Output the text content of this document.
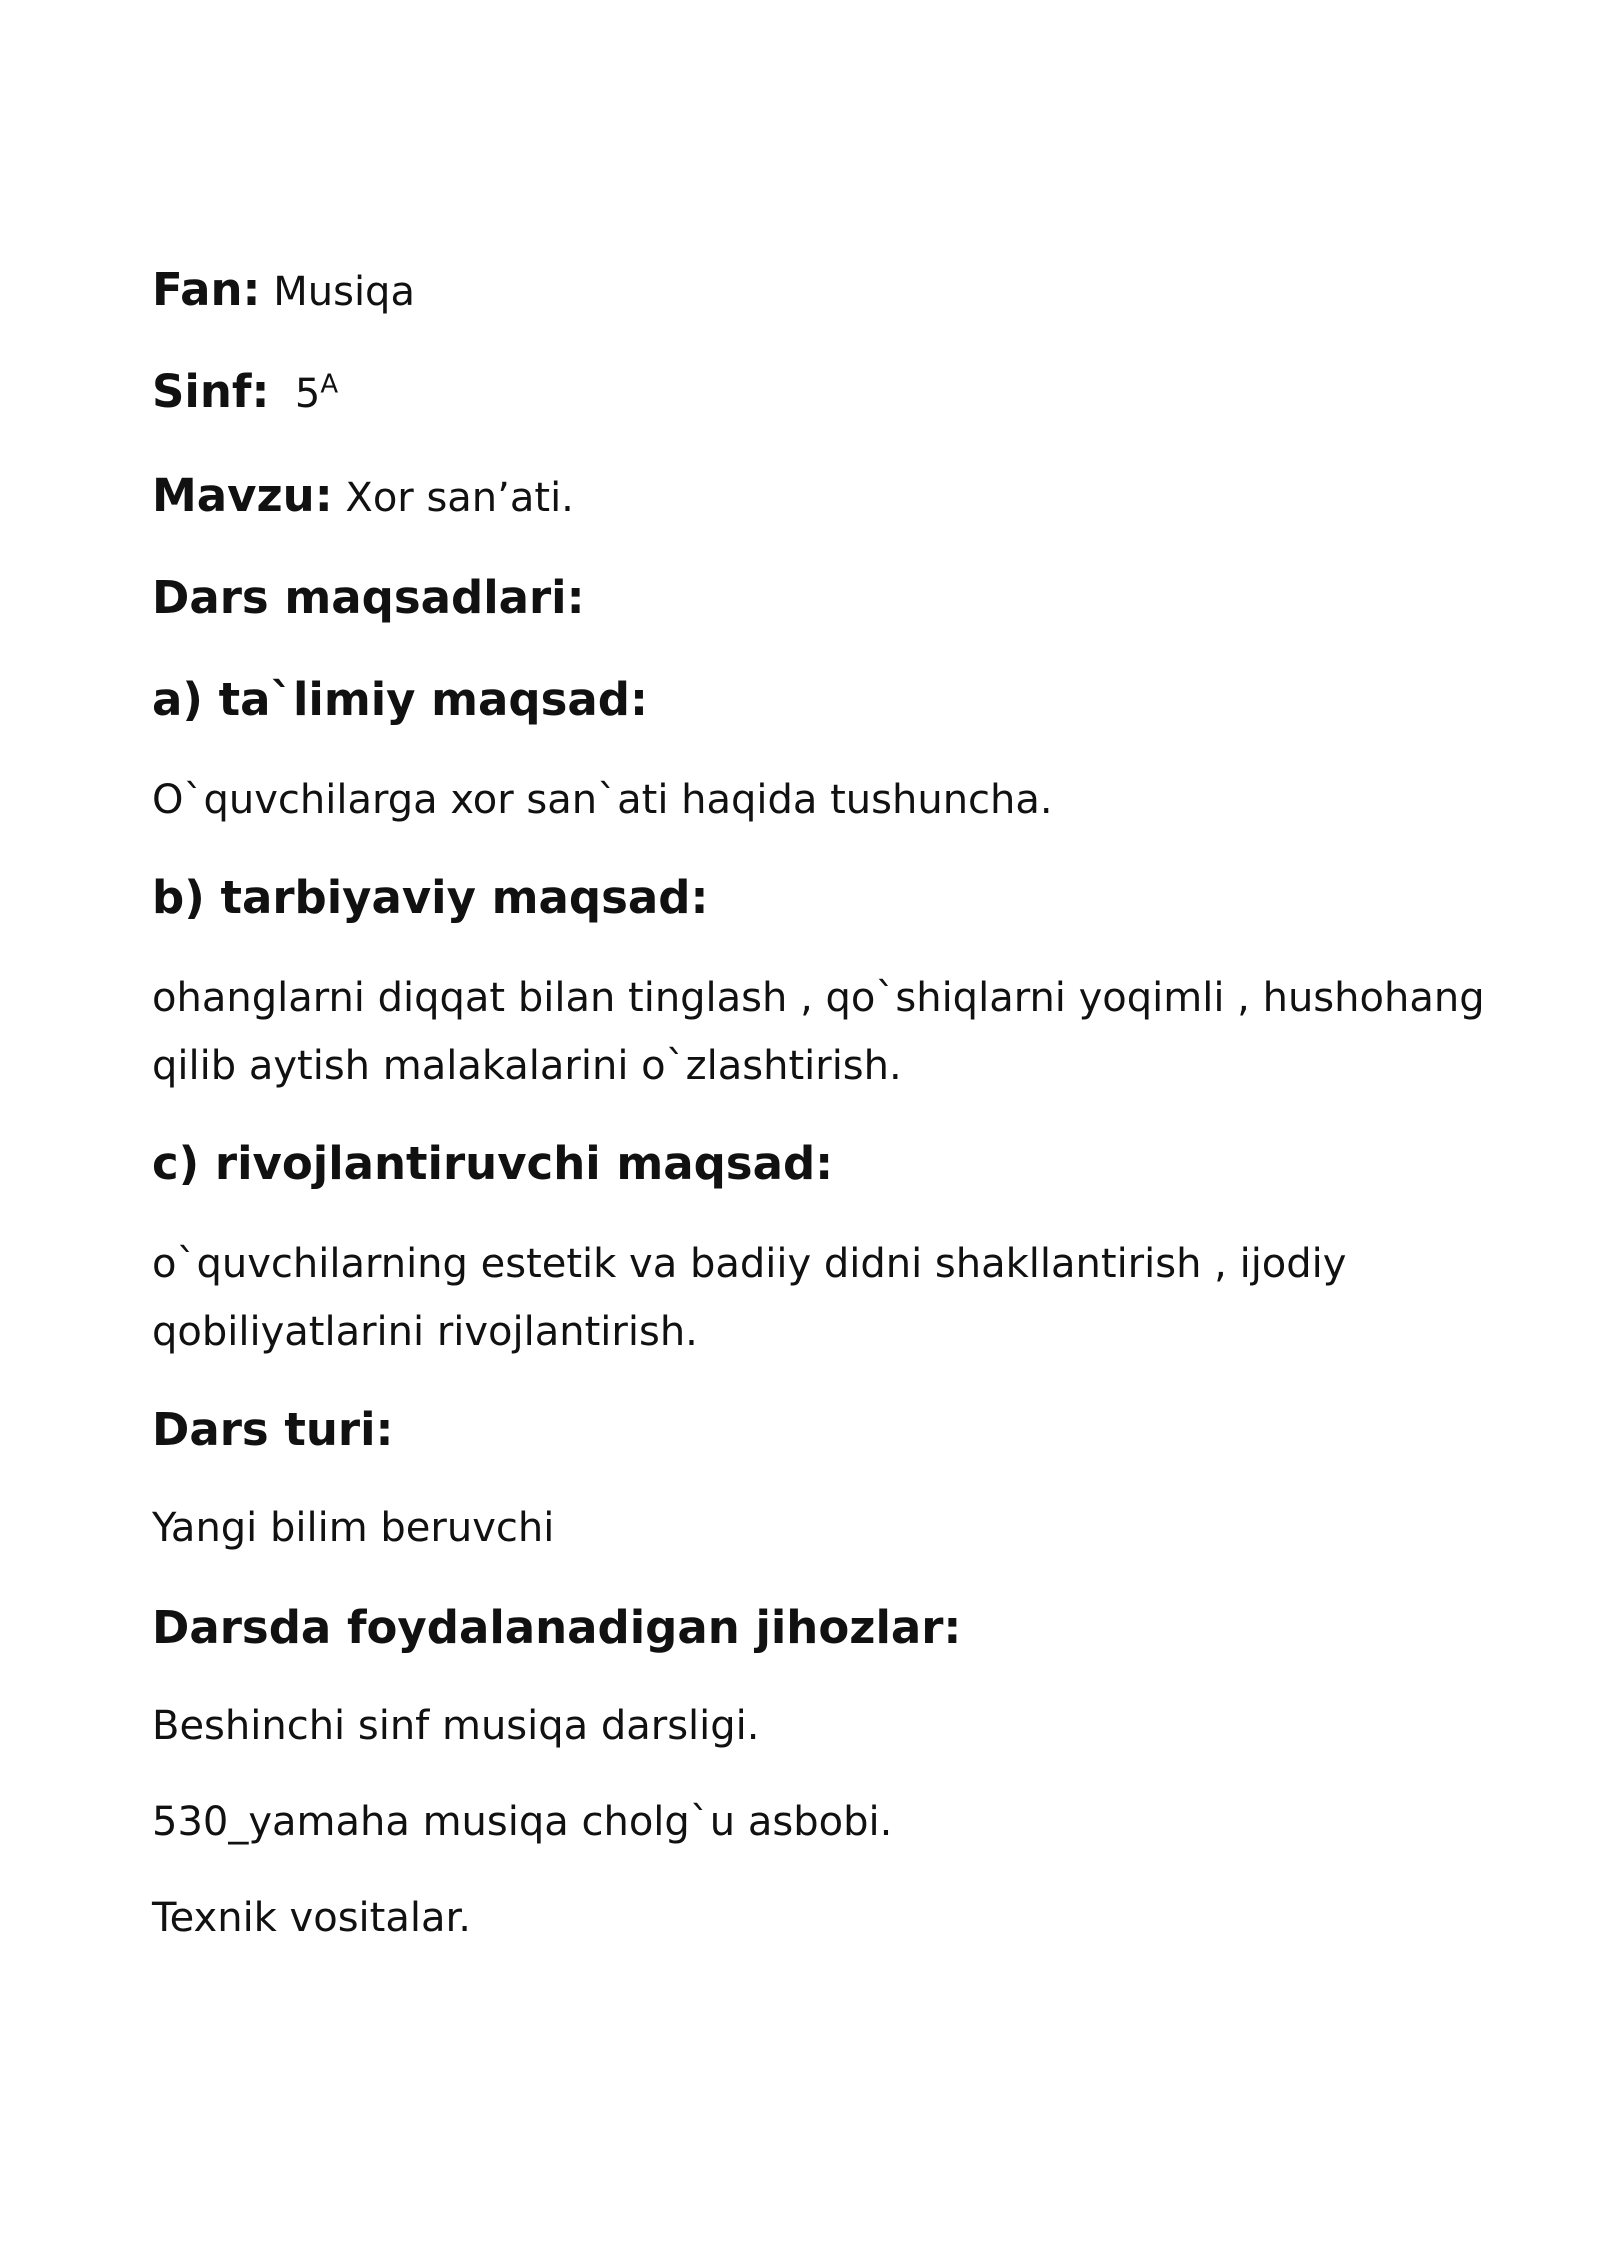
Fan: Musiqa
Sinf: $5^A$
Mavzu: Xor san’ati.
Dars maqsadlari:
a) ta`limiy maqsad:
O`quvchilarga xor san`ati haqida tushuncha.
b) tarbiyaviy maqsad:
ohanglarni diqqat bilan tinglash , qo`shiqlarni yoqimli , hushohang
qilib aytish malakalarini o`zlashtirish.
c) rivojlantiruvchi maqsad:
o`quvchilarning estetik va badiiy didni shakllantirish , ijodiy
qobiliyatlarini rivojlantirish.
Dars turi:
Yangi bilim beruvchi
Darsda foydalanadigan jihozlar:
Beshinchi sinf musiqa darsligi.
530_yamaha musiqa cholg`u asbobi.
Texnik vositalar.
